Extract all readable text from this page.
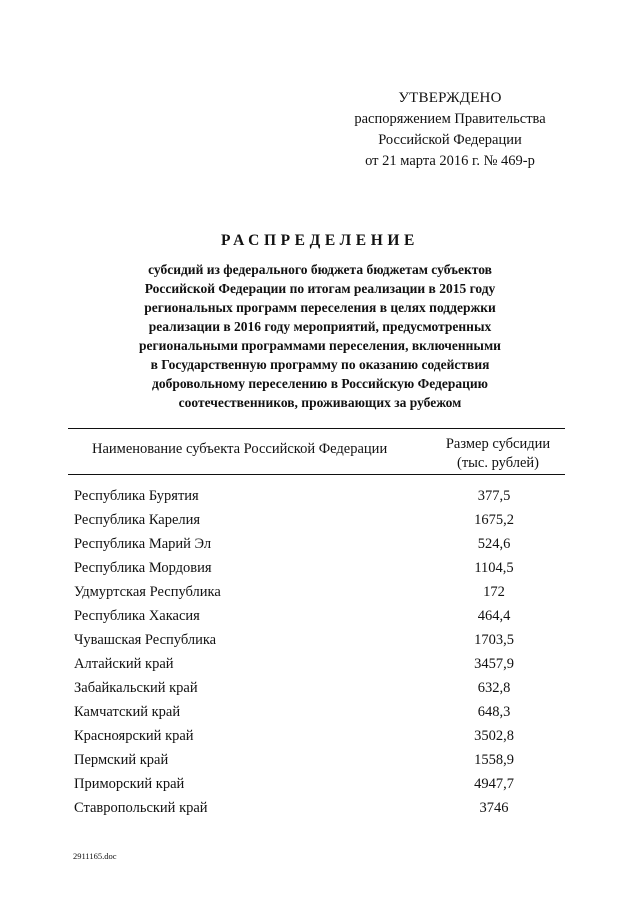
УТВЕРЖДЕНО
распоряжением Правительства
Российской Федерации
от 21 марта 2016 г. № 469-р
РАСПРЕДЕЛЕНИЕ
субсидий из федерального бюджета бюджетам субъектов
Российской Федерации по итогам реализации в 2015 году
региональных программ переселения в целях поддержки
реализации в 2016 году мероприятий, предусмотренных
региональными программами переселения, включенными
в Государственную программу по оказанию содействия
добровольному переселению в Российскую Федерацию
соотечественников, проживающих за рубежом
Наименование субъекта Российской Федерации	Размер субсидии
(тыс. рублей)
Республика Бурятия	377,5
Республика Карелия	1675,2
Республика Марий Эл	524,6
Республика Мордовия	1104,5
Удмуртская Республика	172
Республика Хакасия	464,4
Чувашская Республика	1703,5
Алтайский край	3457,9
Забайкальский край	632,8
Камчатский край	648,3
Красноярский край	3502,8
Пермский край	1558,9
Приморский край	4947,7
Ставропольский край	3746
2911165.doc
